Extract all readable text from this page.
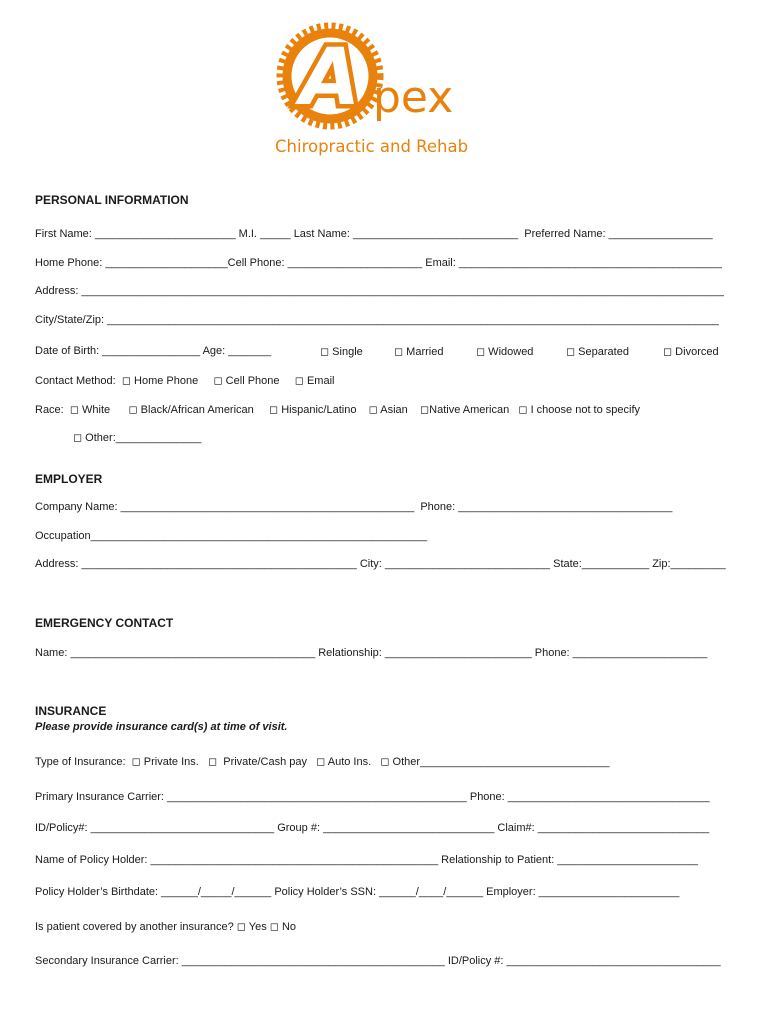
A pex
Chiropractic and Rehab
PERSONAL INFORMATION
First Name: _______________________ M.I. _____ Last Name: ___________________________  Preferred Name: _________________
Home Phone: ____________________Cell Phone: ______________________ Email: ___________________________________________
Address: _________________________________________________________________________________________________________
City/State/Zip: ____________________________________________________________________________________________________
Date of Birth: ________________ Age: _______	◻ Single	◻ Married	◻ Widowed	◻ Separated	◻ Divorced
Contact Method:  ◻ Home Phone     ◻ Cell Phone     ◻ Email
Race:  ◻ White      ◻ Black/African American     ◻ Hispanic/Latino    ◻ Asian    ◻Native American   ◻ I choose not to specify
◻ Other:______________
EMPLOYER
Company Name: ________________________________________________  Phone: ___________________________________
Occupation_______________________________________________________
Address: _____________________________________________ City: ___________________________ State:___________ Zip:_________
EMERGENCY CONTACT
Name: ________________________________________ Relationship: ________________________ Phone: ______________________
INSURANCE
Please provide insurance card(s) at time of visit.
Type of Insurance:  ◻ Private Ins.   ◻  Private/Cash pay   ◻ Auto Ins.   ◻ Other_______________________________
Primary Insurance Carrier: _________________________________________________ Phone: _________________________________
ID/Policy#: ______________________________ Group #: ____________________________ Claim#: ____________________________
Name of Policy Holder: _______________________________________________ Relationship to Patient: _______________________
Policy Holder’s Birthdate: ______/_____/______ Policy Holder’s SSN: ______/____/______ Employer: _______________________
Is patient covered by another insurance? ◻ Yes ◻ No
Secondary Insurance Carrier: ___________________________________________ ID/Policy #: ___________________________________
